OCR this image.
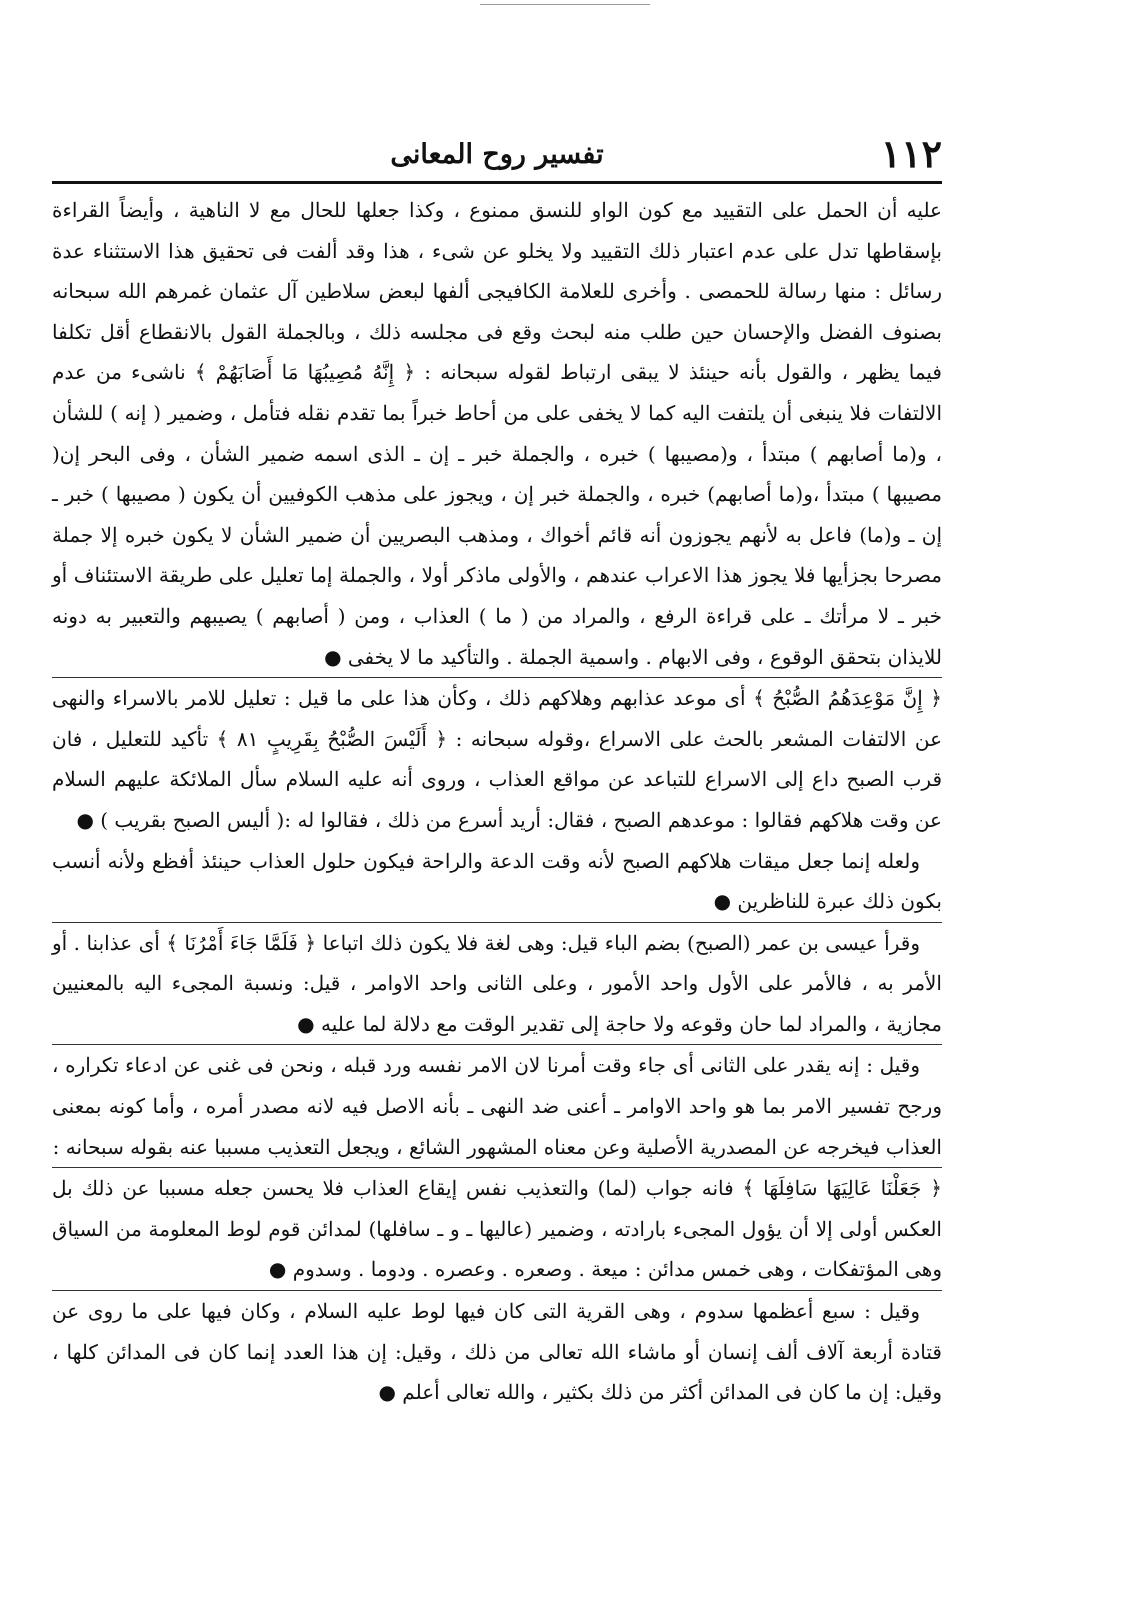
١١٢
تفسير روح المعانى

عليه أن الحمل على التقييد مع كون الواو للنسق ممنوع ، وكذا جعلها للحال مع لا الناهية ، وأيضاً القراءة بإسقاطها تدل على عدم اعتبار ذلك التقييد ولا يخلو عن شىء ، هذا وقد ألفت فى تحقيق هذا الاستثناء عدة رسائل : منها رسالة للحمصى . وأخرى للعلامة الكافيجى ألفها لبعض سلاطين آل عثمان غمرهم الله سبحانه بصنوف الفضل والإحسان حين طلب منه لبحث وقع فى مجلسه ذلك ، وبالجملة القول بالانقطاع أقل تكلفا فيما يظهر ، والقول بأنه حينئذ لا يبقى ارتباط لقوله سبحانه : ﴿ إِنَّهُ مُصِيبُهَا مَا أَصَابَهُمْ ﴾ ناشىء من عدم الالتفات فلا ينبغى أن يلتفت اليه كما لا يخفى على من أحاط خبراً بما تقدم نقله فتأمل ، وضمير ( إنه ) للشأن ، و(ما أصابهم ) مبتدأ ، و(مصيبها ) خبره ، والجملة خبر ـ إن ـ الذى اسمه ضمير الشأن ، وفى البحر إن( مصيبها ) مبتدأ ،و(ما أصابهم) خبره ، والجملة خبر إن ، ويجوز على مذهب الكوفيين أن يكون ( مصيبها ) خبر ـ إن ـ و(ما) فاعل به لأنهم يجوزون أنه قائم أخواك ، ومذهب البصريين أن ضمير الشأن لا يكون خبره إلا جملة مصرحا بجزأيها فلا يجوز هذا الاعراب عندهم ، والأولى ماذكر أولا ، والجملة إما تعليل على طريقة الاستئناف أو خبر ـ لا مرأتك ـ على قراءة الرفع ، والمراد من ( ما ) العذاب ، ومن ( أصابهم ) يصيبهم والتعبير به دونه للايذان بتحقق الوقوع ، وفى الابهام . واسمية الجملة . والتأكيد ما لا يخفى ●

﴿ إِنَّ مَوْعِدَهُمُ الصُّبْحُ ﴾ أى موعد عذابهم وهلاكهم ذلك ، وكأن هذا على ما قيل : تعليل للامر بالاسراء والنهى عن الالتفات المشعر بالحث على الاسراع ،وقوله سبحانه : ﴿ أَلَيْسَ الصُّبْحُ بِقَرِيبٍ ٨١ ﴾ تأكيد للتعليل ، فان قرب الصبح داع إلى الاسراع للتباعد عن مواقع العذاب ، وروى أنه عليه السلام سأل الملائكة عليهم السلام عن وقت هلاكهم فقالوا : موعدهم الصبح ، فقال: أريد أسرع من ذلك ، فقالوا له :( أليس الصبح بقريب ) ●

ولعله إنما جعل ميقات هلاكهم الصبح لأنه وقت الدعة والراحة فيكون حلول العذاب حينئذ أفظع ولأنه أنسب بكون ذلك عبرة للناظرين ●

وقرأ عيسى بن عمر (الصبح) بضم الباء قيل: وهى لغة فلا يكون ذلك اتباعا ﴿ فَلَمَّا جَاءَ أَمْرُنَا ﴾ أى عذابنا . أو الأمر به ، فالأمر على الأول واحد الأمور ، وعلى الثانى واحد الاوامر ، قيل: ونسبة المجىء اليه بالمعنيين مجازية ، والمراد لما حان وقوعه ولا حاجة إلى تقدير الوقت مع دلالة لما عليه ●

وقيل : إنه يقدر على الثانى أى جاء وقت أمرنا لان الامر نفسه ورد قبله ، ونحن فى غنى عن ادعاء تكراره ، ورجح تفسير الامر بما هو واحد الاوامر ـ أعنى ضد النهى ـ بأنه الاصل فيه لانه مصدر أمره ، وأما كونه بمعنى العذاب فيخرجه عن المصدرية الأصلية وعن معناه المشهور الشائع ، ويجعل التعذيب مسببا عنه بقوله سبحانه :

﴿ جَعَلْنَا عَالِيَهَا سَافِلَهَا ﴾ فانه جواب (لما) والتعذيب نفس إيقاع العذاب فلا يحسن جعله مسببا عن ذلك بل العكس أولى إلا أن يؤول المجىء بارادته ، وضمير (عاليها ـ و ـ سافلها) لمدائن قوم لوط المعلومة من السياق وهى المؤتفكات ، وهى خمس مدائن : ميعة . وصعره . وعصره . ودوما . وسدوم ●

وقيل : سبع أعظمها سدوم ، وهى القرية التى كان فيها لوط عليه السلام ، وكان فيها على ما روى عن قتادة أربعة آلاف ألف إنسان أو ماشاء الله تعالى من ذلك ، وقيل: إن هذا العدد إنما كان فى المدائن كلها ، وقيل: إن ما كان فى المدائن أكثر من ذلك بكثير ، والله تعالى أعلم ●
